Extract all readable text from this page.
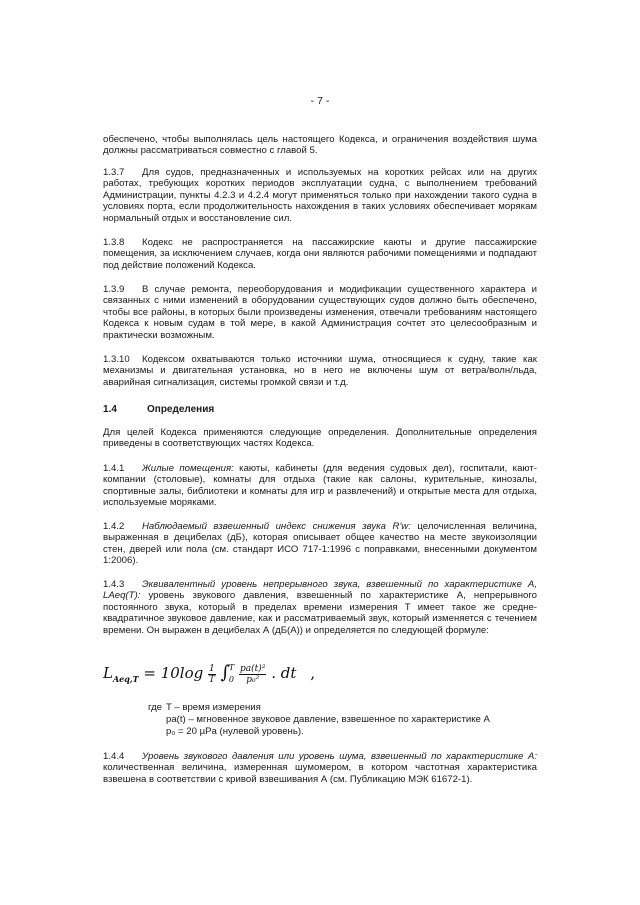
- 7 -

обеспечено, чтобы выполнялась цель настоящего Кодекса, и ограничения воздействия шума должны рассматриваться совместно с главой 5.

1.3.7 Для судов, предназначенных и используемых на коротких рейсах или на других работах, требующих коротких периодов эксплуатации судна, с выполнением требований Администрации, пункты 4.2.3 и 4.2.4 могут применяться только при нахождении такого судна в условиях порта, если продолжительность нахождения в таких условиях обеспечивает морякам нормальный отдых и восстановление сил.

1.3.8 Кодекс не распространяется на пассажирские каюты и другие пассажирские помещения, за исключением случаев, когда они являются рабочими помещениями и подпадают под действие положений Кодекса.

1.3.9 В случае ремонта, переоборудования и модификации существенного характера и связанных с ними изменений в оборудовании существующих судов должно быть обеспечено, чтобы все районы, в которых были произведены изменения, отвечали требованиям настоящего Кодекса к новым судам в той мере, в какой Администрация сочтет это целесообразным и практически возможным.

1.3.10 Кодексом охватываются только источники шума, относящиеся к судну, такие как механизмы и двигательная установка, но в него не включены шум от ветра/волн/льда, аварийная сигнализация, системы громкой связи и т.д.

1.4	Определения

Для целей Кодекса применяются следующие определения. Дополнительные определения приведены в соответствующих частях Кодекса.

1.4.1 Жилые помещения: каюты, кабинеты (для ведения судовых дел), госпитали, кают-компании (столовые), комнаты для отдыха (такие как салоны, курительные, кинозалы, спортивные залы, библиотеки и комнаты для игр и развлечений) и открытые места для отдыха, используемые моряками.

1.4.2 Наблюдаемый взвешенный индекс снижения звука R'w: целочисленная величина, выраженная в децибелах (дБ), которая описывает общее качество на месте звукоизоляции стен, дверей или пола (см. стандарт ИСО 717-1:1996 с поправками, внесенными документом 1:2006).

1.4.3 Эквивалентный уровень непрерывного звука, взвешенный по характеристике А, LAeq(T): уровень звукового давления, взвешенный по характеристике А, непрерывного постоянного звука, который в пределах времени измерения Т имеет такое же средне-квадратичное звуковое давление, как и рассматриваемый звук, который изменяется с течением времени. Он выражен в децибелах А (дБ(А)) и определяется по следующей формуле:

$L_{Aeq,T} = 10\log \frac{1}{T}$ ∫ T
0
$\frac{\text{pa(t)²}}{\text{p₀²}}$ . dt ,
где T – время измерения
pa(t) – мгновенное звуковое давление, взвешенное по характеристике А
p₀ = 20 µPa (нулевой уровень).

1.4.4 Уровень звукового давления или уровень шума, взвешенный по характеристике А: количественная величина, измеренная шумомером, в котором частотная характеристика взвешена в соответствии с кривой взвешивания А (см. Публикацию МЭК 61672-1).
